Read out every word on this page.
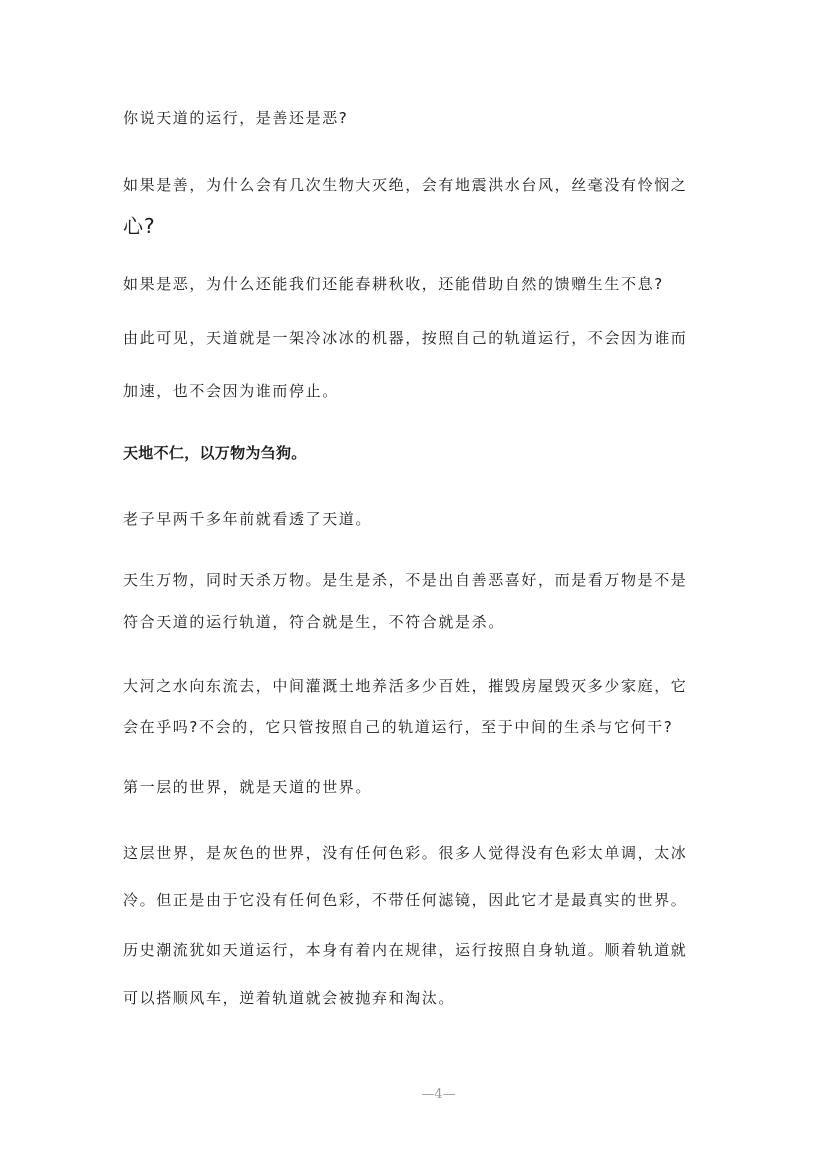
你说天道的运行，是善还是恶?

如果是善，为什么会有几次生物大灭绝，会有地震洪水台风，丝毫没有怜悯之

心?

如果是恶，为什么还能我们还能春耕秋收，还能借助自然的馈赠生生不息?

由此可见，天道就是一架冷冰冰的机器，按照自己的轨道运行，不会因为谁而

加速，也不会因为谁而停止。

天地不仁，以万物为刍狗。

老子早两千多年前就看透了天道。

天生万物，同时天杀万物。是生是杀，不是出自善恶喜好，而是看万物是不是

符合天道的运行轨道，符合就是生，不符合就是杀。

大河之水向东流去，中间灌溉土地养活多少百姓，摧毁房屋毁灭多少家庭，它

会在乎吗?不会的，它只管按照自己的轨道运行，至于中间的生杀与它何干?

第一层的世界，就是天道的世界。

这层世界，是灰色的世界，没有任何色彩。很多人觉得没有色彩太单调，太冰

冷。但正是由于它没有任何色彩，不带任何滤镜，因此它才是最真实的世界。

历史潮流犹如天道运行，本身有着内在规律，运行按照自身轨道。顺着轨道就

可以搭顺风车，逆着轨道就会被抛弃和淘汰。

—4—
